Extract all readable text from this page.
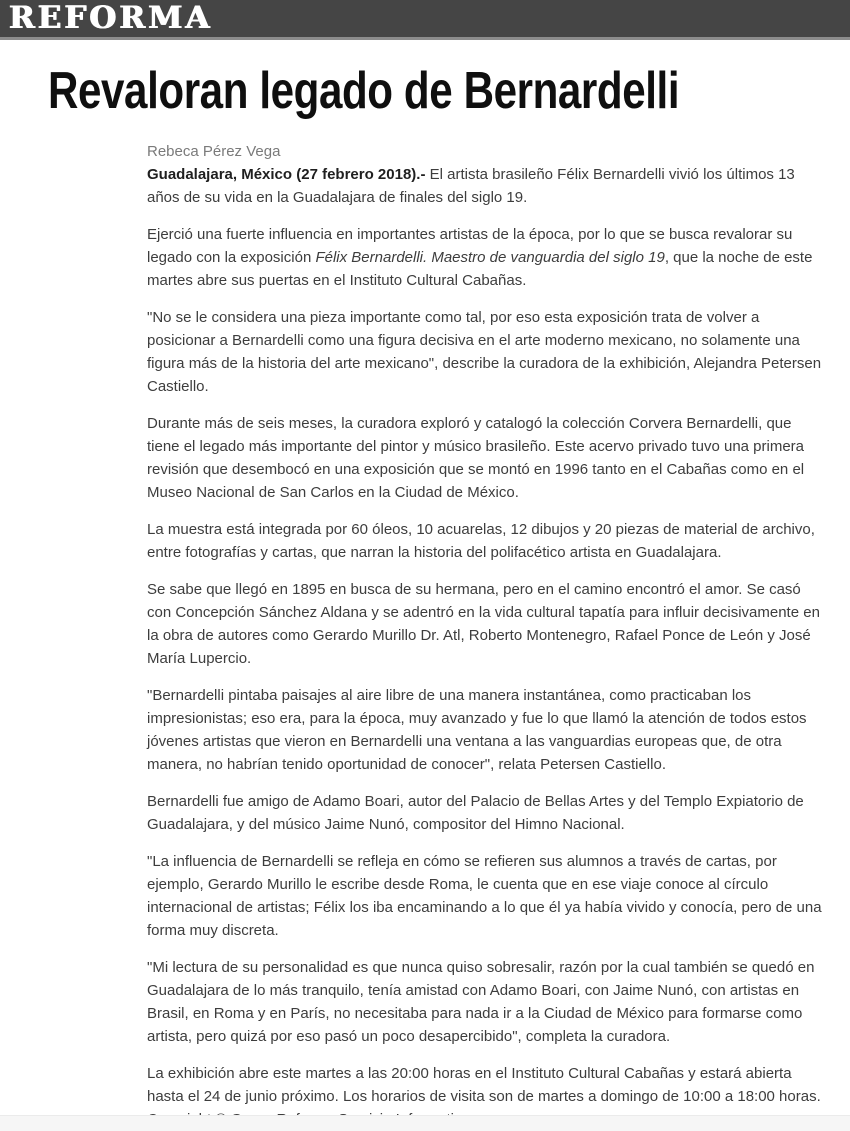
REFORMA
Revaloran legado de Bernardelli
Rebeca Pérez Vega

Guadalajara, México (27 febrero 2018).- El artista brasileño Félix Bernardelli vivió los últimos 13 años de su vida en la Guadalajara de finales del siglo 19.

Ejerció una fuerte influencia en importantes artistas de la época, por lo que se busca revalorar su legado con la exposición Félix Bernardelli. Maestro de vanguardia del siglo 19, que la noche de este martes abre sus puertas en el Instituto Cultural Cabañas.

"No se le considera una pieza importante como tal, por eso esta exposición trata de volver a posicionar a Bernardelli como una figura decisiva en el arte moderno mexicano, no solamente una figura más de la historia del arte mexicano", describe la curadora de la exhibición, Alejandra Petersen Castiello.

Durante más de seis meses, la curadora exploró y catalogó la colección Corvera Bernardelli, que tiene el legado más importante del pintor y músico brasileño. Este acervo privado tuvo una primera revisión que desembocó en una exposición que se montó en 1996 tanto en el Cabañas como en el Museo Nacional de San Carlos en la Ciudad de México.

La muestra está integrada por 60 óleos, 10 acuarelas, 12 dibujos y 20 piezas de material de archivo, entre fotografías y cartas, que narran la historia del polifacético artista en Guadalajara.

Se sabe que llegó en 1895 en busca de su hermana, pero en el camino encontró el amor. Se casó con Concepción Sánchez Aldana y se adentró en la vida cultural tapatía para influir decisivamente en la obra de autores como Gerardo Murillo Dr. Atl, Roberto Montenegro, Rafael Ponce de León y José María Lupercio.

"Bernardelli pintaba paisajes al aire libre de una manera instantánea, como practicaban los impresionistas; eso era, para la época, muy avanzado y fue lo que llamó la atención de todos estos jóvenes artistas que vieron en Bernardelli una ventana a las vanguardias europeas que, de otra manera, no habrían tenido oportunidad de conocer", relata Petersen Castiello.

Bernardelli fue amigo de Adamo Boari, autor del Palacio de Bellas Artes y del Templo Expiatorio de Guadalajara, y del músico Jaime Nunó, compositor del Himno Nacional.

"La influencia de Bernardelli se refleja en cómo se refieren sus alumnos a través de cartas, por ejemplo, Gerardo Murillo le escribe desde Roma, le cuenta que en ese viaje conoce al círculo internacional de artistas; Félix los iba encaminando a lo que él ya había vivido y conocía, pero de una forma muy discreta.

"Mi lectura de su personalidad es que nunca quiso sobresalir, razón por la cual también se quedó en Guadalajara de lo más tranquilo, tenía amistad con Adamo Boari, con Jaime Nunó, con artistas en Brasil, en Roma y en París, no necesitaba para nada ir a la Ciudad de México para formarse como artista, pero quizá por eso pasó un poco desapercibido", completa la curadora.

La exhibición abre este martes a las 20:00 horas en el Instituto Cultural Cabañas y estará abierta hasta el 24 de junio próximo. Los horarios de visita son de martes a domingo de 10:00 a 18:00 horas.
